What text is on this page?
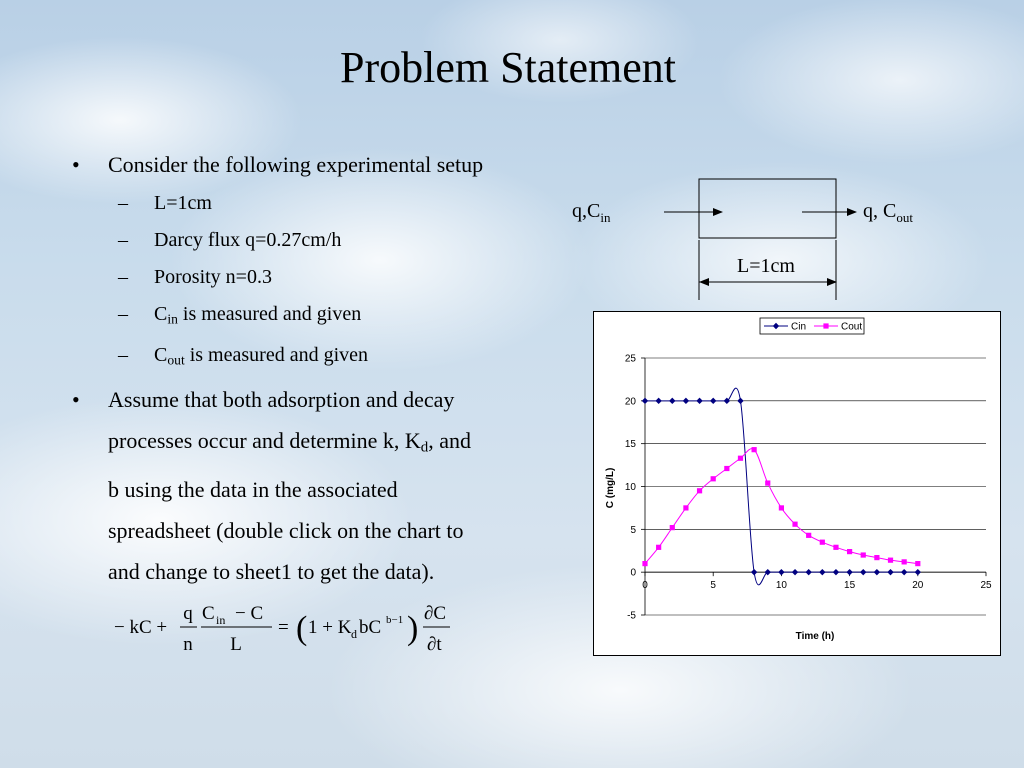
Problem Statement
• Consider the following experimental setup
– L=1cm
– Darcy flux q=0.27cm/h
– Porosity n=0.3
– $C_{in}$ is measured and given
– $C_{out}$ is measured and given
• Assume that both adsorption and decay
processes occur and determine k, $K_d$, and
b using the data in the associated
spreadsheet (double click on the chart to
and change to sheet1 to get the data).
− kC +
q
n
C in − C
L
= ( 1 + K d bC b−1 ) ∂C
∂t
$q,C_{in}$	q, $C_{out}$
L=1cm
-5
0
5
10
15
20
25
0	5	10	15	20	25
Cin	Cout
C (mg/L)
Time (h)
